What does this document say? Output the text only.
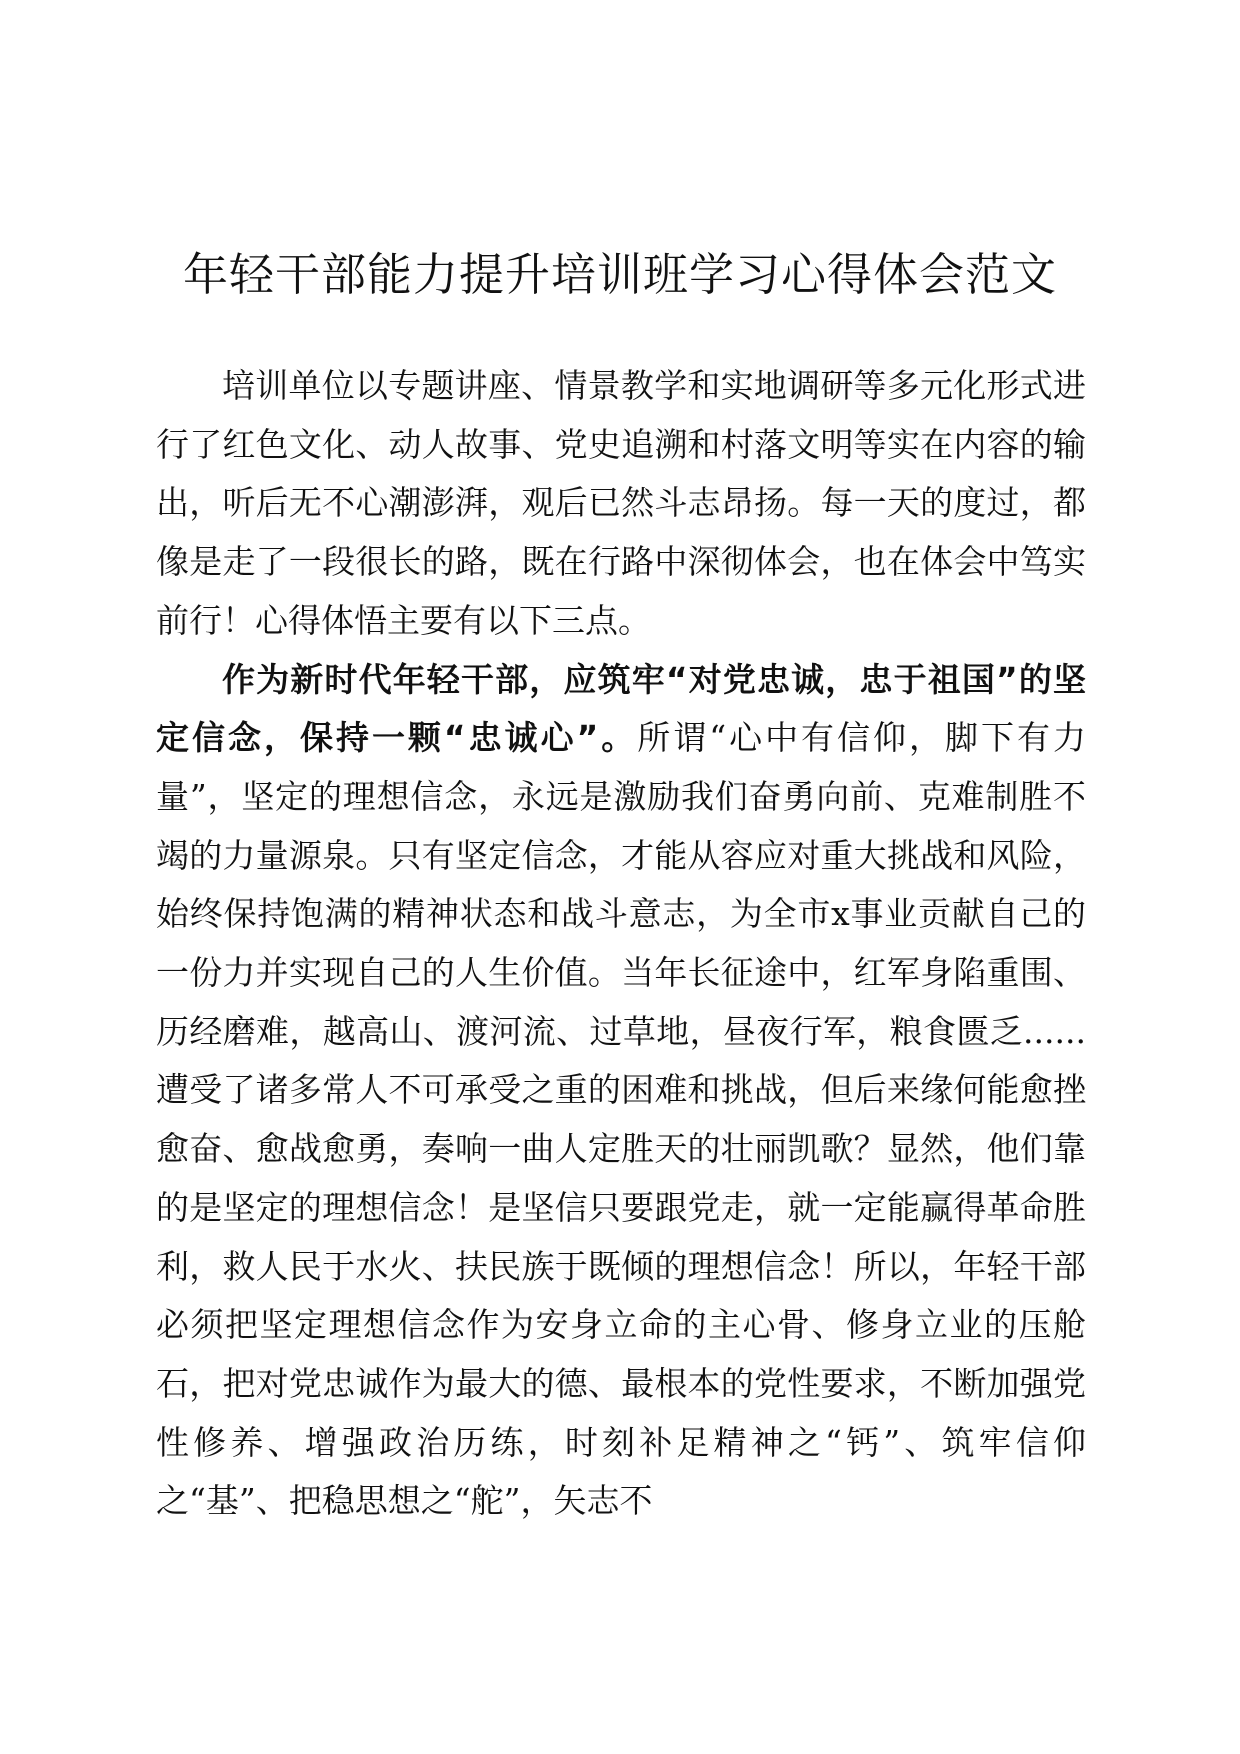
年轻干部能力提升培训班学习心得体会范文

培训单位以专题讲座、情景教学和实地调研等多元化形式进行了红色文化、动人故事、党史追溯和村落文明等实在内容的输出，听后无不心潮澎湃，观后已然斗志昂扬。每一天的度过，都像是走了一段很长的路，既在行路中深彻体会，也在体会中笃实前行！心得体悟主要有以下三点。

作为新时代年轻干部，应筑牢“对党忠诚，忠于祖国”的坚定信念，保持一颗“忠诚心”。所谓“心中有信仰，脚下有力量”，坚定的理想信念，永远是激励我们奋勇向前、克难制胜不竭的力量源泉。只有坚定信念，才能从容应对重大挑战和风险，始终保持饱满的精神状态和战斗意志，为全市x事业贡献自己的一份力并实现自己的人生价值。当年长征途中，红军身陷重围、历经磨难，越高山、渡河流、过草地，昼夜行军，粮食匮乏......遭受了诸多常人不可承受之重的困难和挑战，但后来缘何能愈挫愈奋、愈战愈勇，奏响一曲人定胜天的壮丽凯歌？显然，他们靠的是坚定的理想信念！是坚信只要跟党走，就一定能赢得革命胜利，救人民于水火、扶民族于既倾的理想信念！所以，年轻干部必须把坚定理想信念作为安身立命的主心骨、修身立业的压舱石，把对党忠诚作为最大的德、最根本的党性要求，不断加强党性修养、增强政治历练，时刻补足精神之“钙”、筑牢信仰之“基”、把稳思想之“舵”，矢志不
